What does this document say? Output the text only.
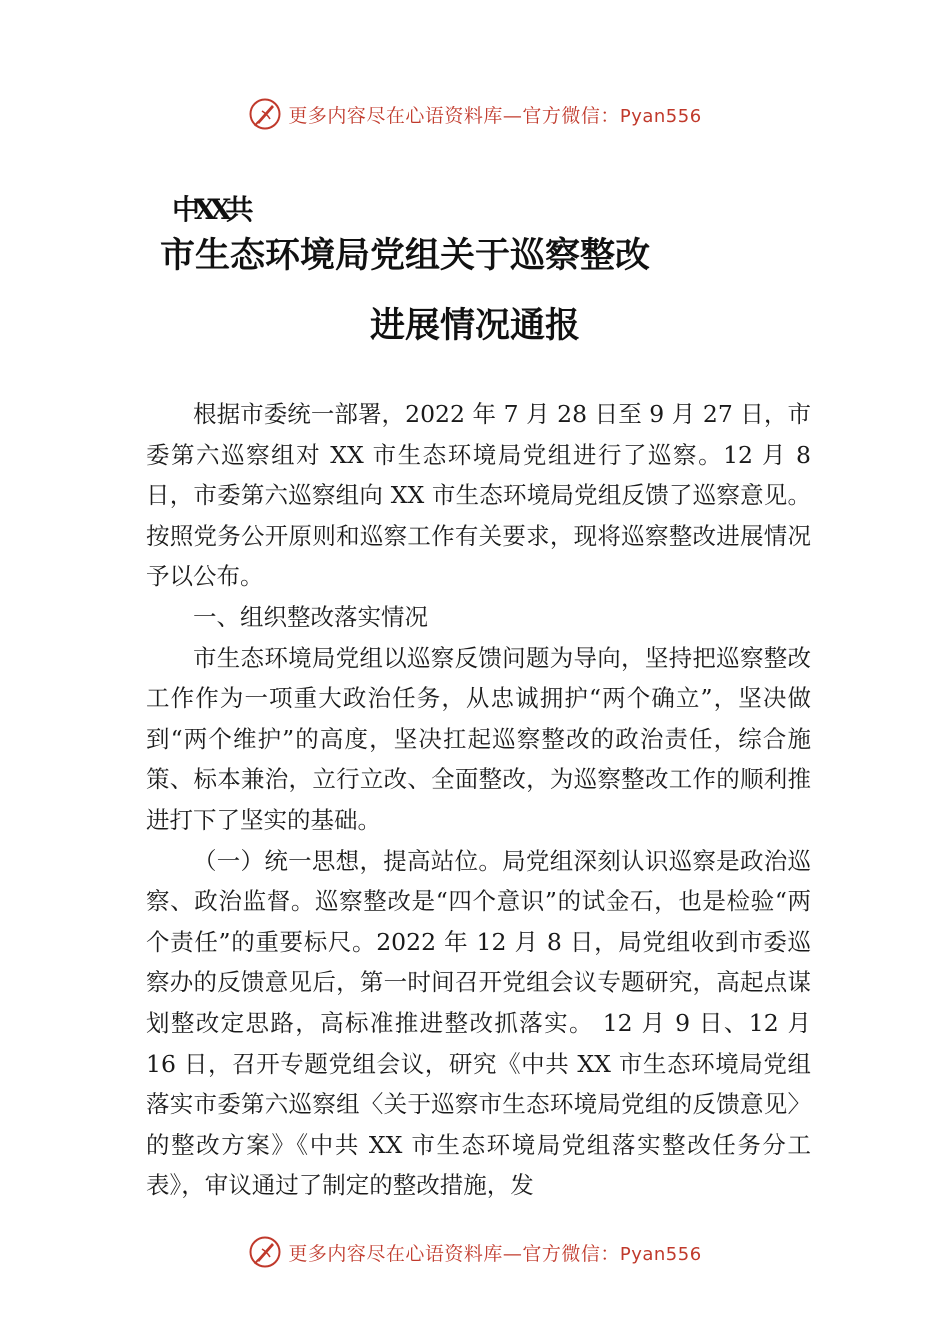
更多内容尽在心语资料库—官方微信：Pyan556
中XX共
市生态环境局党组关于巡察整改
进展情况通报

根据市委统一部署，2022 年 7 月 28 日至 9 月 27 日，市委第六巡察组对 XX 市生态环境局党组进行了巡察。12 月 8 日，市委第六巡察组向 XX 市生态环境局党组反馈了巡察意见。按照党务公开原则和巡察工作有关要求，现将巡察整改进展情况予以公布。

一、组织整改落实情况

市生态环境局党组以巡察反馈问题为导向，坚持把巡察整改工作作为一项重大政治任务，从忠诚拥护“两个确立”，坚决做到“两个维护”的高度，坚决扛起巡察整改的政治责任，综合施策、标本兼治，立行立改、全面整改，为巡察整改工作的顺利推进打下了坚实的基础。

（一）统一思想，提高站位。局党组深刻认识巡察是政治巡察、政治监督。巡察整改是“四个意识”的试金石，也是检验“两个责任”的重要标尺。2022 年 12 月 8 日，局党组收到市委巡察办的反馈意见后，第一时间召开党组会议专题研究，高起点谋划整改定思路，高标准推进整改抓落实。 12 月 9 日、12 月 16 日，召开专题党组会议，研究《中共 XX 市生态环境局党组落实市委第六巡察组〈关于巡察市生态环境局党组的反馈意见〉的整改方案》《中共 XX 市生态环境局党组落实整改任务分工表》，审议通过了制定的整改措施，发

更多内容尽在心语资料库—官方微信：Pyan556
